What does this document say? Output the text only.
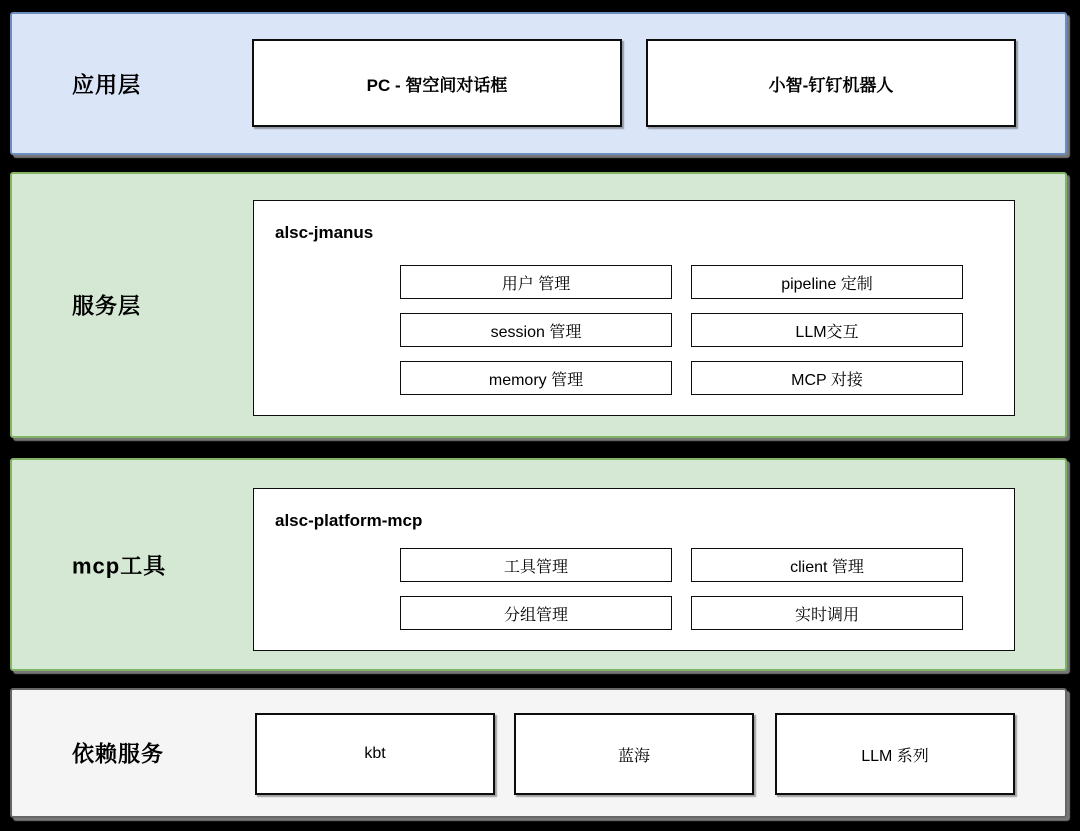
应用层	PC - 智空间对话框	小智-钉钉机器人
服务层
alsc-jmanus
用户 管理	pipeline 定制
session 管理	LLM交互
memory 管理	MCP 对接
mcp工具
alsc-platform-mcp
工具管理	client 管理
分组管理	实时调用
依赖服务	kbt	蓝海	LLM 系列
